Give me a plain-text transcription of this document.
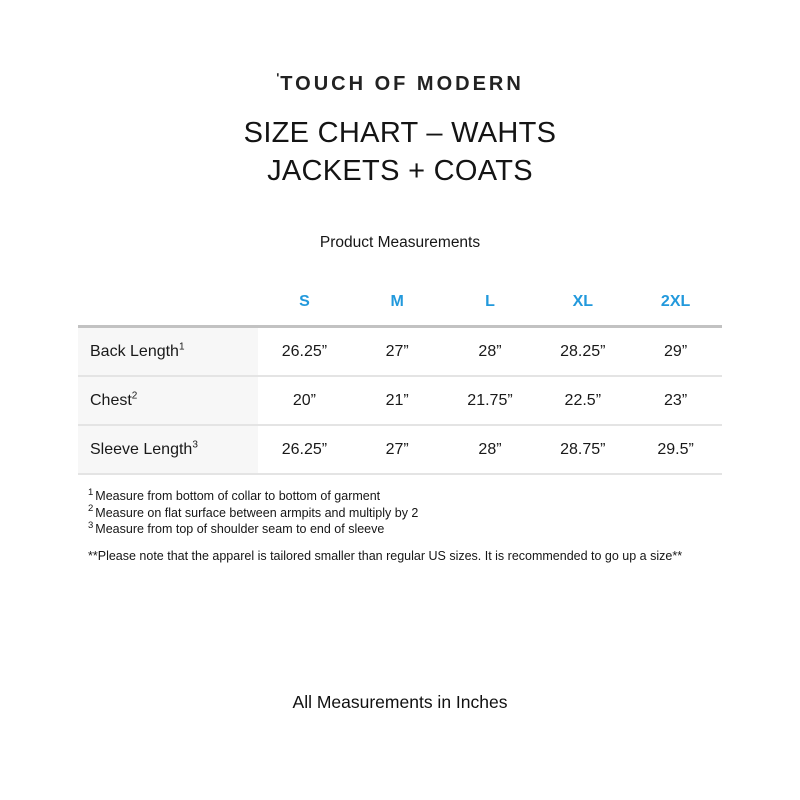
$^ʹ$TOUCH OF MODERN
SIZE CHART – WAHTS
JACKETS + COATS
Product Measurements
	S	M	L	XL	2XL
Back Length$^1$	26.25”	27”	28”	28.25”	29”
Chest$^2$	20”	21”	21.75”	22.5”	23”
Sleeve Length$^3$	26.25”	27”	28”	28.75”	29.5”
$^1$ Measure from bottom of collar to bottom of garment
$^2$ Measure on flat surface between armpits and multiply by 2
$^3$ Measure from top of shoulder seam to end of sleeve
**Please note that the apparel is tailored smaller than regular US sizes. It is recommended to go up a size**
All Measurements in Inches
